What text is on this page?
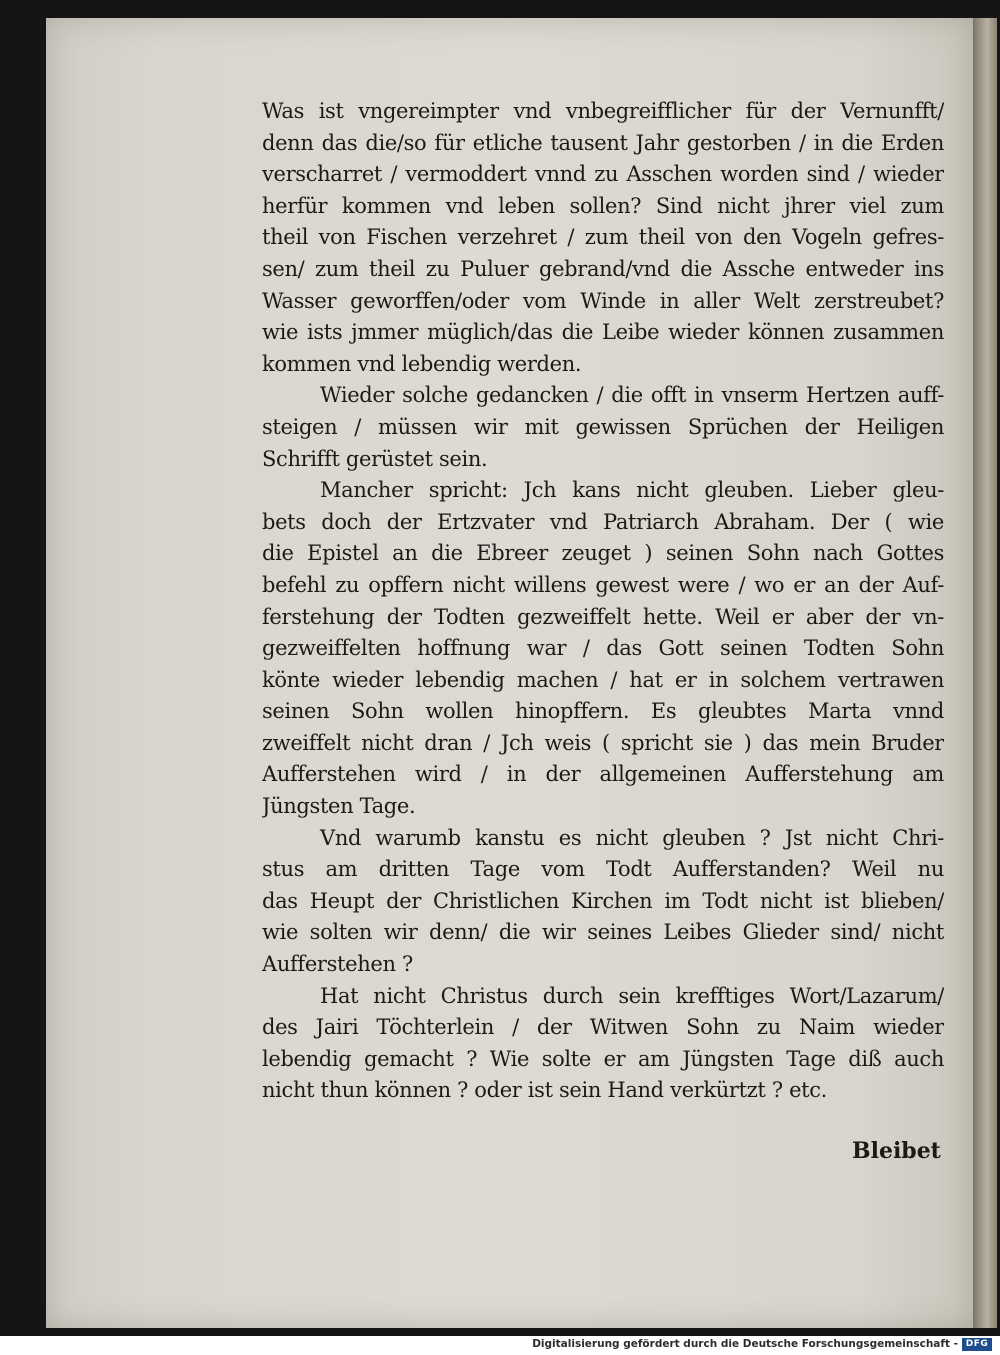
Was ist vngereimpter vnd vnbegreifflicher für der Vernunfft/
denn das die/so für etliche tausent Jahr gestorben / in die Erden
verscharret / vermoddert vnnd zu Asschen worden sind / wieder
herfür kommen vnd leben sollen? Sind nicht jhrer viel zum
theil von Fischen verzehret / zum theil von den Vogeln gefres-
sen/ zum theil zu Puluer gebrand/vnd die Assche entweder ins
Wasser geworffen/oder vom Winde in aller Welt zerstreubet?
wie ists jmmer müglich/das die Leibe wieder können zusammen
kommen vnd lebendig werden.
Wieder solche gedancken / die offt in vnserm Hertzen auff-
steigen / müssen wir mit gewissen Sprüchen der Heiligen
Schrifft gerüstet sein.
Mancher spricht: Jch kans nicht gleuben. Lieber gleu-
bets doch der Ertzvater vnd Patriarch Abraham. Der ( wie
die Epistel an die Ebreer zeuget ) seinen Sohn nach Gottes
befehl zu opffern nicht willens gewest were / wo er an der Auf-
ferstehung der Todten gezweiffelt hette. Weil er aber der vn-
gezweiffelten hoffnung war / das Gott seinen Todten Sohn
könte wieder lebendig machen / hat er in solchem vertrawen
seinen Sohn wollen hinopffern. Es gleubtes Marta vnnd
zweiffelt nicht dran / Jch weis ( spricht sie ) das mein Bruder
Aufferstehen wird / in der allgemeinen Aufferstehung am
Jüngsten Tage.
Vnd warumb kanstu es nicht gleuben ? Jst nicht Chri-
stus am dritten Tage vom Todt Aufferstanden? Weil nu
das Heupt der Christlichen Kirchen im Todt nicht ist blieben/
wie solten wir denn/ die wir seines Leibes Glieder sind/ nicht
Aufferstehen ?
Hat nicht Christus durch sein krefftiges Wort/Lazarum/
des Jairi Töchterlein / der Witwen Sohn zu Naim wieder
lebendig gemacht ? Wie solte er am Jüngsten Tage diß auch
nicht thun können ? oder ist sein Hand verkürtzt ? etc.
Bleibet
Digitalisierung gefördert durch die Deutsche Forschungsgemeinschaft - DFG
